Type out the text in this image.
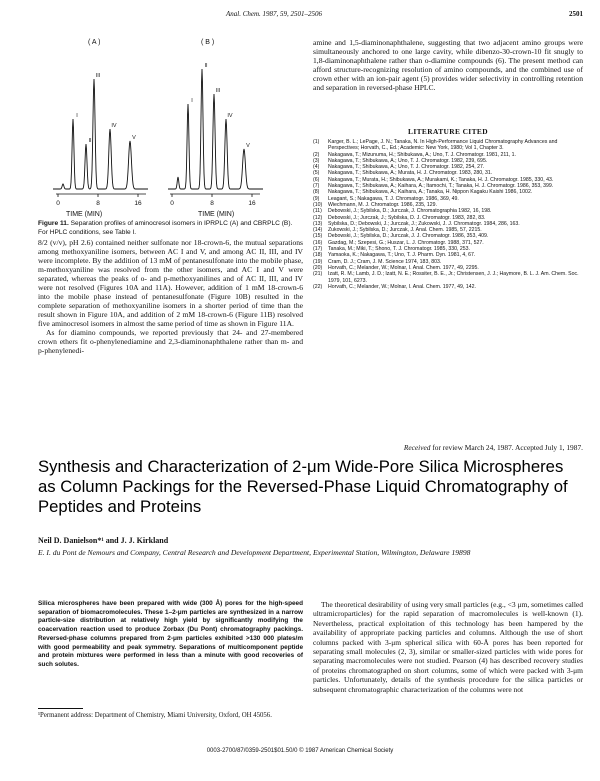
Anal. Chem. 1987, 59, 2501–2506	2501
( A )	( B )
0	8	16	0	8	16
I
II
III
IV
V
I
II
III
IV
V
TIME (MIN)	TIME (MIN)
Figure 11. Separation profiles of aminocresol isomers in IPRPLC (A) and CBRPLC (B). For HPLC conditions, see Table I.

8/2 (v/v), pH 2.6) contained neither sulfonate nor 18-crown-6, the mutual separations among methoxyaniline isomers, between AC I and V, and among AC II, III, and IV were incomplete. By the addition of 13 mM of pentanesulfonate into the mobile phase, m-methoxyaniline was resolved from the other isomers, and AC I and V were separated, whereas the peaks of o- and p-methoxyanilines and of AC II, III, and IV were not resolved (Figures 10A and 11A). However, addition of 1 mM 18-crown-6 into the mobile phase instead of pentanesulfonate (Figure 10B) resulted in the complete separation of methoxyaniline isomers in a shorter period of time than the result shown in Figure 10A, and addition of 2 mM 18-crown-6 (Figure 11B) resolved five aminocresol isomers in almost the same period of time as shown in Figure 11A.

As for diamino compounds, we reported previously that 24- and 27-membered crown ethers fit o-phenylenediamine and 2,3-diaminonaphthalene rather than m- and p-phenylenedi-

amine and 1,5-diaminonaphthalene, suggesting that two adjacent amino groups were simultaneously anchored to one large cavity, while dibenzo-30-crown-10 fit snugly to 1,8-diaminonaphthalene rather than o-diamine compounds (6). The present method can afford structure-recognizing resolution of amino compounds, and the combined use of crown ether with an ion-pair agent (5) provides wider selectivity in controlling retention and separation in reversed-phase HPLC.

LITERATURE CITED
(1) Karger, B. L.; LePage, J. N.; Tanaka, N. In High-Performance Liquid Chromatography Advances and Perspectives; Horvath, C., Ed.; Academic: New York, 1980; Vol 1, Chapter 3.
(2) Nakagawa, T.; Mizunuma, H.; Shibukawa, A.; Uno, T. J. Chromatogr. 1981, 211, 1.
(3) Nakagawa, T.; Shibukawa, A.; Uno, T. J. Chromatogr. 1982, 239, 695.
(4) Nakagawa, T.; Shibukawa, A.; Uno, T. J. Chromatogr. 1982, 254, 27.
(5) Nakagawa, T.; Shibukawa, A.; Murata, H. J. Chromatogr. 1983, 280, 31.
(6) Nakagawa, T.; Murata, H.; Shibukawa, A.; Murakami, K.; Tanaka, H. J. Chromatogr. 1985, 330, 43.
(7) Nakagawa, T.; Shibukawa, A.; Kaihara, A.; Itamochi, T.; Tanaka, H. J. Chromatogr. 1986, 353, 399.
(8) Nakagawa, T.; Shibukawa, A.; Kaihara, A.; Tanaka, H. Nippon Kagaku Kaishi 1986, 1002.
(9) Leagant, S.; Nakagawa, T. J. Chromatogr. 1986, 369, 49.
(10) Wiechmann, M. J. Chromatogr. 1986, 235, 129.
(11) Debowski, J.; Sybilska, D.; Jurczak, J. Chromatographia 1982, 16, 198.
(12) Debowski, J.; Jurczak, J.; Sybilska, D. J. Chromatogr. 1983, 282, 83.
(13) Sybilska, D.; Debowski, J.; Jurczak, J.; Zukowski, J. J. Chromatogr. 1984, 286, 163.
(14) Zukowski, J.; Sybilska, D.; Jurczak, J. Anal. Chem. 1985, 57, 2215.
(15) Debowski, J.; Sybilska, D.; Jurczak, J. J. Chromatogr. 1986, 353, 409.
(16) Gazdag, M.; Szepesi, G.; Huszar, L. J. Chromatogr. 1988, 371, 527.
(17) Tanaka, M.; Miki, T.; Shono, T. J. Chromatogr. 1985, 330, 253.
(18) Yamaoka, K.; Nakagawa, T.; Uno, T. J. Pharm. Dyn. 1981, 4, 67.
(19) Cram, D. J.; Cram, J. M. Science 1974, 183, 803.
(20) Horvath, C.; Melander, W.; Molnar, I. Anal. Chem. 1977, 49, 2295.
(21) Izatt, R. M.; Lamb, J. D.; Izatt, N. E.; Rossiter, B. E., Jr.; Christensen, J. J.; Haymore, B. L. J. Am. Chem. Soc. 1979, 101, 6273.
(22) Horvath, C.; Melander, W.; Molnar, I. Anal. Chem. 1977, 49, 142.
Received for review March 24, 1987. Accepted July 1, 1987.
Synthesis and Characterization of 2-μm Wide-Pore Silica Microspheres as Column Packings for the Reversed-Phase Liquid Chromatography of Peptides and Proteins
Neil D. Danielson*¹ and J. J. Kirkland
E. I. du Pont de Nemours and Company, Central Research and Development Department, Experimental Station, Wilmington, Delaware 19898
Silica microspheres have been prepared with wide (300 Å) pores for the high-speed separation of biomacromolecules. These 1–2-μm particles are synthesized in a narrow particle-size distribution at relatively high yield by significantly modifying the coacervation reaction used to produce Zorbax (Du Pont) chromatography packings. Reversed-phase columns prepared from 2-μm particles exhibited >130 000 plates/m with good permeability and peak symmetry. Separations of multicomponent peptide and protein mixtures were performed in less than a minute with good recoveries of such solutes.
¹Permanent address: Department of Chemistry, Miami University, Oxford, OH 45056.

The theoretical desirability of using very small particles (e.g., <3 μm, sometimes called ultramicroparticles) for the rapid separation of macromolecules is well-known (1). Nevertheless, practical exploitation of this technology has been hampered by the availability of appropriate packing particles and columns. Although the use of short columns packed with 3-μm spherical silica with 60-Å pores has been reported for separating small molecules (2, 3), similar or smaller-sized particles with wide pores for separating macromolecules were not studied. Pearson (4) has described recovery studies of proteins chromatographed on short columns, some of which were packed with 3-μm particles. Unfortunately, details of the synthesis procedure for the silica particles or subsequent chromatographic characterization of the columns were not

0003-2700/87/0359-2501$01.50/0 © 1987 American Chemical Society
